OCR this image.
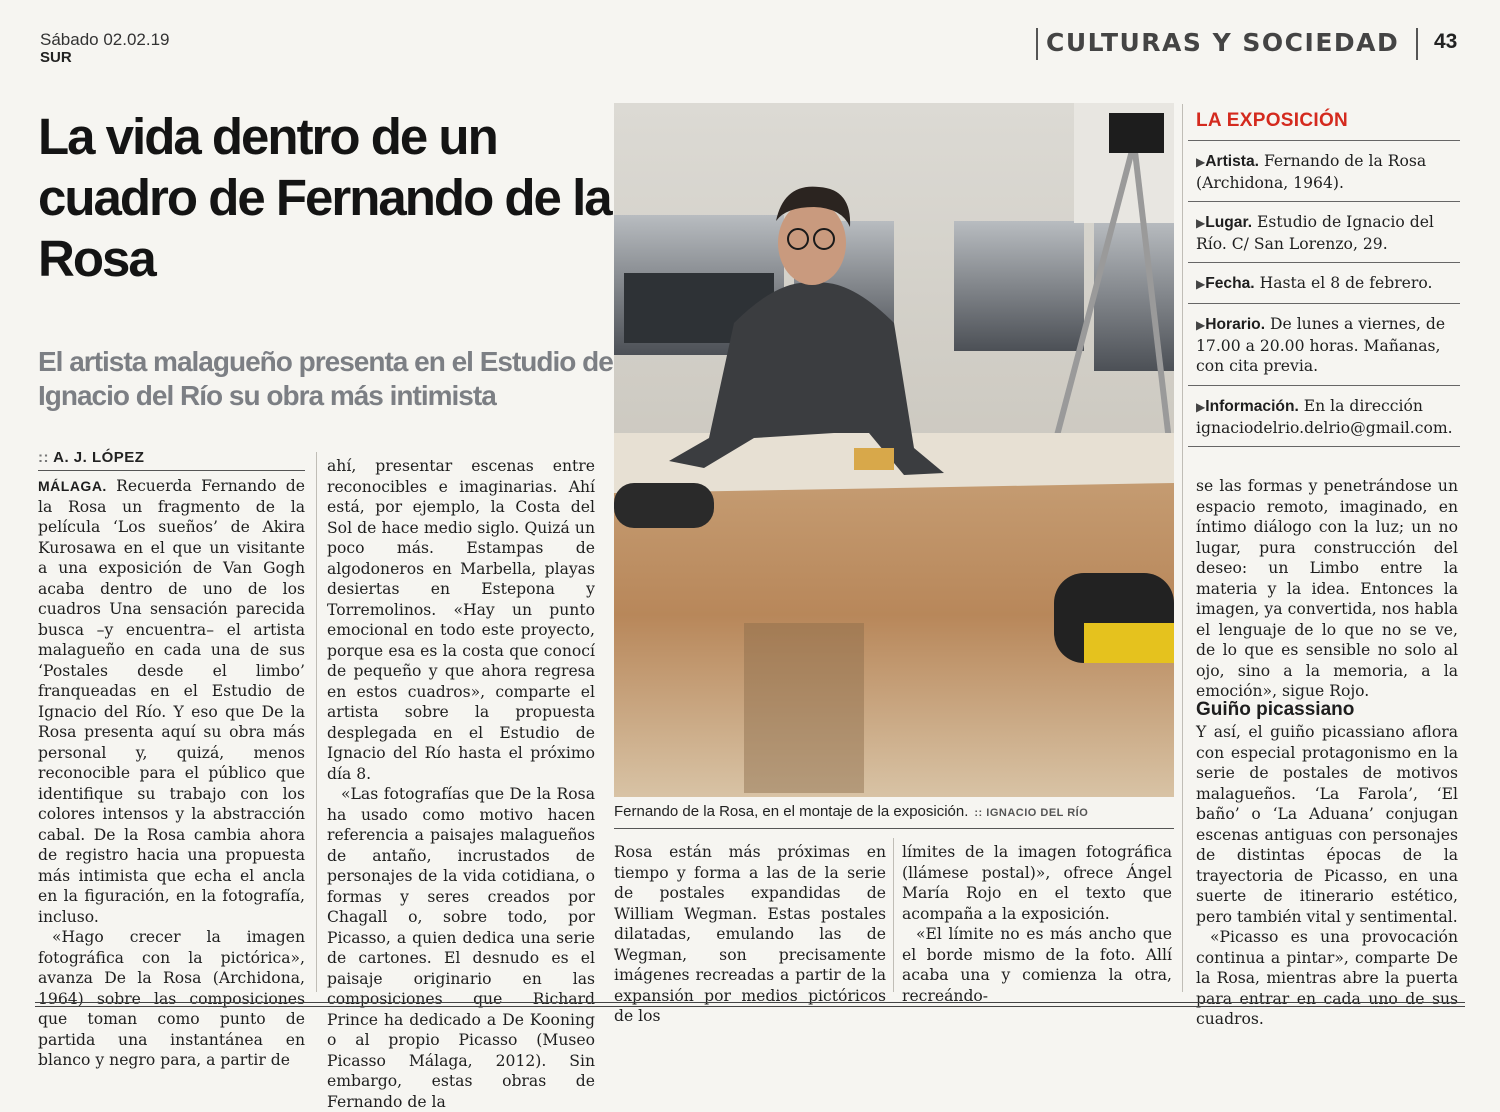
Sábado 02.02.19
SUR
CULTURAS Y SOCIEDAD 43
La vida dentro de un cuadro de Fernando de la Rosa
El artista malagueño presenta en el Estudio de Ignacio del Río su obra más intimista
:: A. J. LÓPEZ

MÁLAGA. Recuerda Fernando de la Rosa un fragmento de la película ‘Los sueños’ de Akira Kurosawa en el que un visitante a una exposición de Van Gogh acaba dentro de uno de los cuadros Una sensación parecida busca –y encuentra– el artista malagueño en cada una de sus ‘Postales desde el limbo’ franqueadas en el Estudio de Ignacio del Río. Y eso que De la Rosa presenta aquí su obra más personal y, quizá, menos reconocible para el público que identifique su trabajo con los colores intensos y la abstracción cabal. De la Rosa cambia ahora de registro hacia una propuesta más intimista que echa el ancla en la figuración, en la fotografía, incluso.

«Hago crecer la imagen fotográfica con la pictórica», avanza De la Rosa (Archidona, 1964) sobre las composiciones que toman como punto de partida una instantánea en blanco y negro para, a partir de

ahí, presentar escenas entre reconocibles e imaginarias. Ahí está, por ejemplo, la Costa del Sol de hace medio siglo. Quizá un poco más. Estampas de algodoneros en Marbella, playas desiertas en Estepona y Torremolinos. «Hay un punto emocional en todo este proyecto, porque esa es la costa que conocí de pequeño y que ahora regresa en estos cuadros», comparte el artista sobre la propuesta desplegada en el Estudio de Ignacio del Río hasta el próximo día 8.

«Las fotografías que De la Rosa ha usado como motivo hacen referencia a paisajes malagueños de antaño, incrustados de personajes de la vida cotidiana, o formas y seres creados por Chagall o, sobre todo, por Picasso, a quien dedica una serie de cartones. El desnudo es el paisaje originario en las composiciones que Richard Prince ha dedicado a De Kooning o al propio Picasso (Museo Picasso Málaga, 2012). Sin embargo, estas obras de Fernando de la

Fernando de la Rosa, en el montaje de la exposición. :: IGNACIO DEL RÍO

Rosa están más próximas en tiempo y forma a las de la serie de postales expandidas de William Wegman. Estas postales dilatadas, emulando las de Wegman, son precisamente imágenes recreadas a partir de la expansión por medios pictóricos de los

límites de la imagen fotográfica (llámese postal)», ofrece Ángel María Rojo en el texto que acompaña a la exposición.

«El límite no es más ancho que el borde mismo de la foto. Allí acaba una y comienza la otra, recreándo-

LA EXPOSICIÓN
▶Artista. Fernando de la Rosa (Archidona, 1964).
▶Lugar. Estudio de Ignacio del Río. C/ San Lorenzo, 29.
▶Fecha. Hasta el 8 de febrero.
▶Horario. De lunes a viernes, de 17.00 a 20.00 horas. Mañanas, con cita previa.
▶Información. En la dirección ignaciodelrio.delrio@gmail.com.

se las formas y penetrándose un espacio remoto, imaginado, en íntimo diálogo con la luz; un no lugar, pura construcción del deseo: un Limbo entre la materia y la idea. Entonces la imagen, ya convertida, nos habla el lenguaje de lo que no se ve, de lo que es sensible no solo al ojo, sino a la memoria, a la emoción», sigue Rojo.

Guiño picassiano

Y así, el guiño picassiano aflora con especial protagonismo en la serie de postales de motivos malagueños. ‘La Farola’, ‘El baño’ o ‘La Aduana’ conjugan escenas antiguas con personajes de distintas épocas de la trayectoria de Picasso, en una suerte de itinerario estético, pero también vital y sentimental.

«Picasso es una provocación continua a pintar», comparte De la Rosa, mientras abre la puerta para entrar en cada uno de sus cuadros.
